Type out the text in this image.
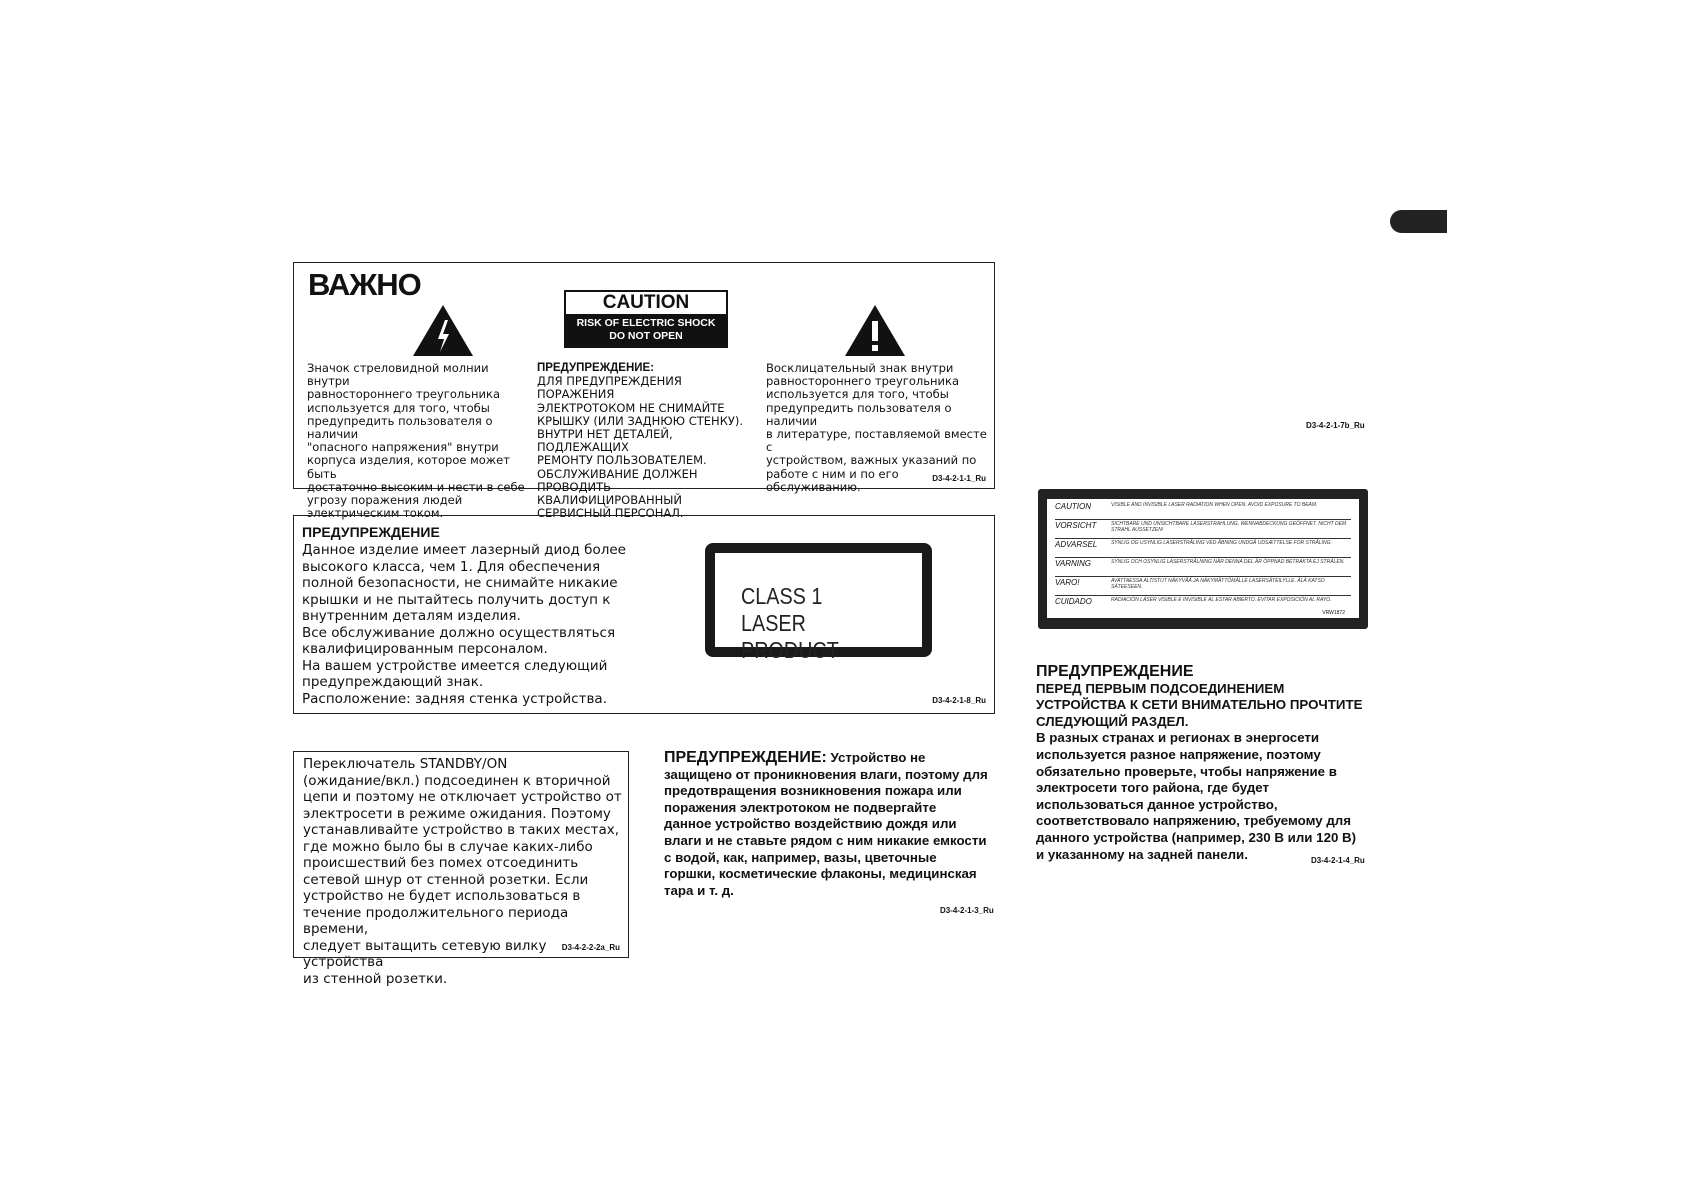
ВАЖНО
Значок стреловидной молнии внутри
равностороннего треугольника
используется для того, чтобы
предупредить пользователя о наличии
"опасного напряжения" внутри
корпуса изделия, которое может быть
достаточно высоким и нести в себе
угрозу поражения людей
электрическим током.
ПРЕДУПРЕЖДЕНИЕ:
ДЛЯ ПРЕДУПРЕЖДЕНИЯ ПОРАЖЕНИЯ
ЭЛЕКТРОТОКОМ НЕ СНИМАЙТЕ
КРЫШКУ (ИЛИ ЗАДНЮЮ СТЕНКУ).
ВНУТРИ НЕТ ДЕТАЛЕЙ, ПОДЛЕЖАЩИХ
РЕМОНТУ ПОЛЬЗОВАТЕЛЕМ.
ОБСЛУЖИВАНИЕ ДОЛЖЕН
ПРОВОДИТЬ КВАЛИФИЦИРОВАННЫЙ
СЕРВИСНЫЙ ПЕРСОНАЛ.
Восклицательный знак внутри
равностороннего треугольника
используется для того, чтобы
предупредить пользователя о наличии
в литературе, поставляемой вместе с
устройством, важных указаний по
работе с ним и по его обслуживанию.
D3-4-2-1-1_Ru
CAUTION
RISK OF ELECTRIC SHOCK
DO NOT OPEN
ПРЕДУПРЕЖДЕНИЕ
Данное изделие имеет лазерный диод более
высокого класса, чем 1. Для обеспечения
полной безопасности, не снимайте никакие
крышки и не пытайтесь получить доступ к
внутренним деталям изделия.
Все обслуживание должно осуществляться
квалифицированным персоналом.
На вашем устройстве имеется следующий
предупреждающий знак.
Расположение: задняя стенка устройства.	D3-4-2-1-8_Ru
CLASS 1
LASER PRODUCT
D3-4-2-1-7b_Ru
CAUTION	VISIBLE AND INVISIBLE LASER RADIATION WHEN OPEN. AVOID EXPOSURE TO BEAM.
VORSICHT	SICHTBARE UND UNSICHTBARE LASERSTRAHLUNG, WENNABDECKUNG GEÖFFNET. NICHT DEM STRAHL AUSSETZEN!
ADVARSEL	SYNLIG OG USYNLIG LASERSTRÅLING VED ÅBNING UNDGÅ UDSÆTTELSE FOR STRÅLING.
VARNING	SYNLIG OCH OSYNLIG LASERSTRÅLNING NÄR DENNA DEL ÄR ÖPPNAD BETRAKTA EJ STRÅLEN.
VARO!	AVATTAESSA ALTISTUT NÄKYVÄÄ JA NÄKYMÄTTÖMÄLLE LASERSÄTEILYLLE. ÄLÄ KATSO SÄTEESEEN.
CUIDADO	RADIACIÓN LÁSER VISIBLE E INVISIBLE AL ESTAR ABIERTO. EVITAR EXPOSICIÓN AL RAYO.
VRW1872
Переключатель STANDBY/ON
(ожидание/вкл.) подсоединен к вторичной
цепи и поэтому не отключает устройство от
электросети в режиме ожидания. Поэтому
устанавливайте устройство в таких местах,
где можно было бы в случае каких-либо
происшествий без помех отсоединить
сетевой шнур от стенной розетки. Если
устройство не будет использоваться в
течение продолжительного периода времени,
следует вытащить сетевую вилку устройства
из стенной розетки.
D3-4-2-2-2a_Ru
ПРЕДУПРЕЖДЕНИЕ: Устройство не
защищено от проникновения влаги, поэтому для
предотвращения возникновения пожара или
поражения электротоком не подвергайте
данное устройство воздействию дождя или
влаги и не ставьте рядом с ним никакие емкости
с водой, как, например, вазы, цветочные
горшки, косметические флаконы, медицинская
тара и т. д.
D3-4-2-1-3_Ru
ПРЕДУПРЕЖДЕНИЕ
ПЕРЕД ПЕРВЫМ ПОДСОЕДИНЕНИЕМ
УСТРОЙСТВА К СЕТИ ВНИМАТЕЛЬНО ПРОЧТИТЕ
СЛЕДУЮЩИЙ РАЗДЕЛ.
В разных странах и регионах в энергосети
используется разное напряжение, поэтому
обязательно проверьте, чтобы напряжение в
электросети того района, где будет
использоваться данное устройство,
соответствовало напряжению, требуемому для
данного устройства (например, 230 В или 120 В)
и указанному на задней панели.	D3-4-2-1-4_Ru
